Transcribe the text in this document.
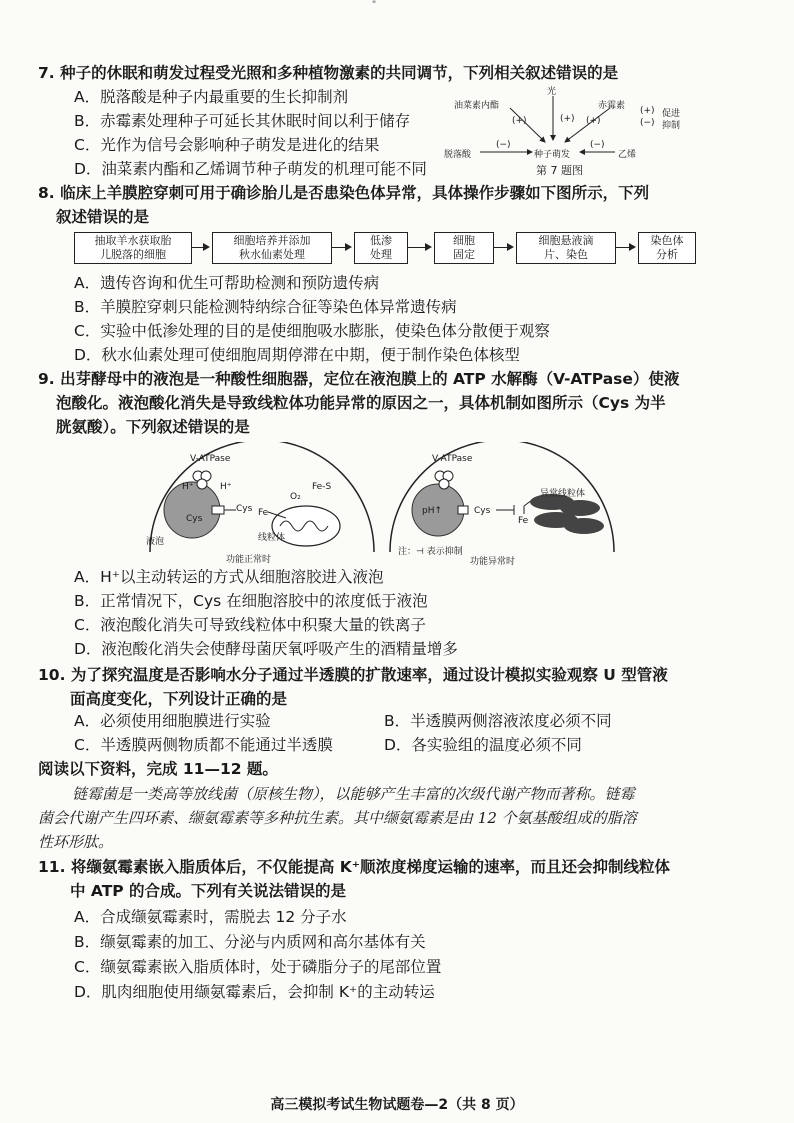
"
7. 种子的休眠和萌发过程受光照和多种植物激素的共同调节，下列相关叙述错误的是
A．脱落酸是种子内最重要的生长抑制剂
B．赤霉素处理种子可延长其休眠时间以利于储存
C．光作为信号会影响种子萌发是进化的结果
D．油菜素内酯和乙烯调节种子萌发的机理可能不同
油菜素内酯
光
赤霉素
(+)	(+) (+)
脱落酸
(−)
种子萌发
(−)
乙烯
(+) 促进
(−) 抑制
第 7 题图
8. 临床上羊膜腔穿刺可用于确诊胎儿是否患染色体异常，具体操作步骤如下图所示，下列
叙述错误的是
抽取羊水获取胎
儿脱落的细胞
细胞培养并添加
秋水仙素处理
低渗
处理
细胞
固定
细胞悬液滴
片、染色
染色体
分析
A．遗传咨询和优生可帮助检测和预防遗传病
B．羊膜腔穿刺只能检测特纳综合征等染色体异常遗传病
C．实验中低渗处理的目的是使细胞吸水膨胀，使染色体分散便于观察
D．秋水仙素处理可使细胞周期停滞在中期，便于制作染色体核型
9. 出芽酵母中的液泡是一种酸性细胞器，定位在液泡膜上的 ATP 水解酶（V-ATPase）使液
泡酸化。液泡酸化消失是导致线粒体功能异常的原因之一，具体机制如图所示（Cys 为半
胱氨酸）。下列叙述错误的是
V-ATPase
H⁺	H⁺
Cys
Cys
液泡
Fe
O₂
Fe-S
线粒体
功能正常时
V-ATPase
pH↑	Cys
Fe
异常线粒体
注：⊣ 表示抑制
功能异常时
A．H⁺以主动转运的方式从细胞溶胶进入液泡
B．正常情况下，Cys 在细胞溶胶中的浓度低于液泡
C．液泡酸化消失可导致线粒体中积聚大量的铁离子
D．液泡酸化消失会使酵母菌厌氧呼吸产生的酒精量增多
10. 为了探究温度是否影响水分子通过半透膜的扩散速率，通过设计模拟实验观察 U 型管液
面高度变化，下列设计正确的是
A．必须使用细胞膜进行实验	B．半透膜两侧溶液浓度必须不同
C．半透膜两侧物质都不能通过半透膜	D．各实验组的温度必须不同
阅读以下资料，完成 11—12 题。
链霉菌是一类高等放线菌（原核生物），以能够产生丰富的次级代谢产物而著称。链霉
菌会代谢产生四环素、缬氨霉素等多种抗生素。其中缬氨霉素是由 12 个氨基酸组成的脂溶
性环形肽。
11. 将缬氨霉素嵌入脂质体后，不仅能提高 K⁺顺浓度梯度运输的速率，而且还会抑制线粒体
中 ATP 的合成。下列有关说法错误的是
A．合成缬氨霉素时，需脱去 12 分子水
B．缬氨霉素的加工、分泌与内质网和高尔基体有关
C．缬氨霉素嵌入脂质体时，处于磷脂分子的尾部位置
D．肌肉细胞使用缬氨霉素后，会抑制 K⁺的主动转运
高三模拟考试生物试题卷—2（共 8 页）
